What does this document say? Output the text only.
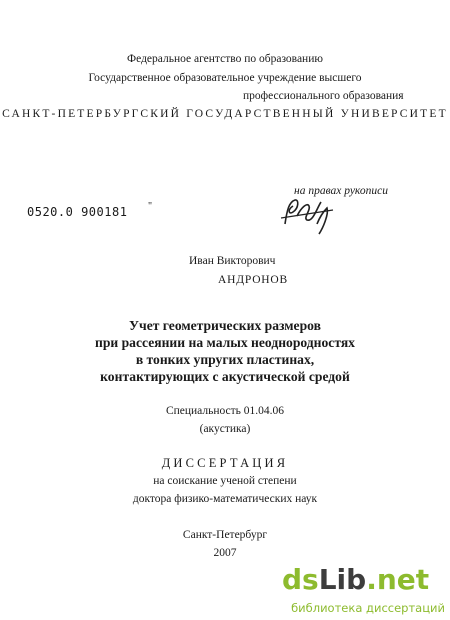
Федеральное агентство по образованию
Государственное образовательное учреждение высшего
профессионального образования
САНКТ-ПЕТЕРБУРГСКИЙ ГОСУДАРСТВЕННЫЙ УНИВЕРСИТЕТ
на правах рукописи
0520.0 900181 "
Иван Викторович
АНДРОНОВ
Учет геометрических размеров
при рассеянии на малых неоднородностях
в тонких упругих пластинах,
контактирующих с акустической средой
Специальность 01.04.06
(акустика)
ДИССЕРТАЦИЯ
на соискание ученой степени
доктора физико-математических наук
Санкт-Петербург
2007
dsLib.net
библиотека диссертаций
